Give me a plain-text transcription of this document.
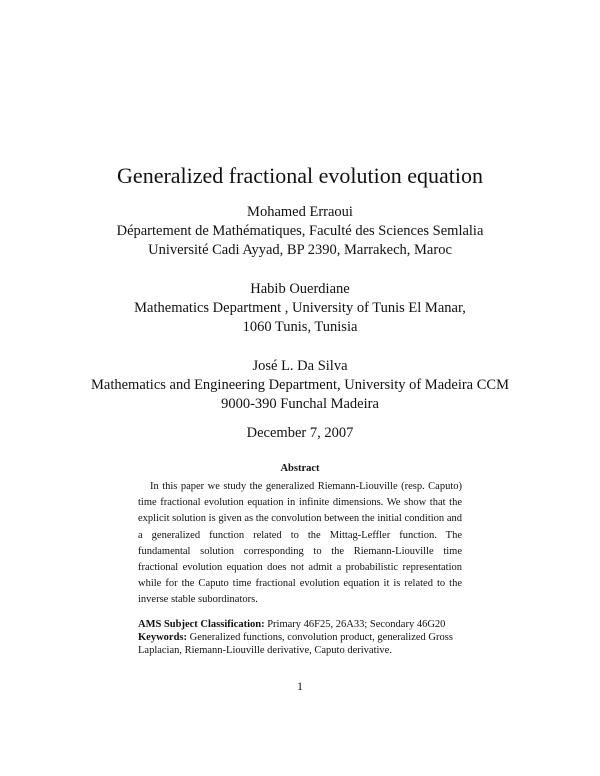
Generalized fractional evolution equation
Mohamed Erraoui
Département de Mathématiques, Faculté des Sciences Semlalia
Université Cadi Ayyad, BP 2390, Marrakech, Maroc
Habib Ouerdiane
Mathematics Department , University of Tunis El Manar,
1060 Tunis, Tunisia
José L. Da Silva
Mathematics and Engineering Department, University of Madeira CCM
9000-390 Funchal Madeira
December 7, 2007
Abstract

In this paper we study the generalized Riemann-Liouville (resp. Caputo) time fractional evolution equation in infinite dimensions. We show that the explicit solution is given as the convolution between the initial condition and a generalized function related to the Mittag-Leffler function. The fundamental solution corresponding to the Riemann-Liouville time fractional evolution equation does not admit a probabilistic representation while for the Caputo time fractional evolution equation it is related to the inverse stable subordinators.

AMS Subject Classification: Primary 46F25, 26A33; Secondary 46G20

Keywords: Generalized functions, convolution product, generalized Gross Laplacian, Riemann-Liouville derivative, Caputo derivative.

1
